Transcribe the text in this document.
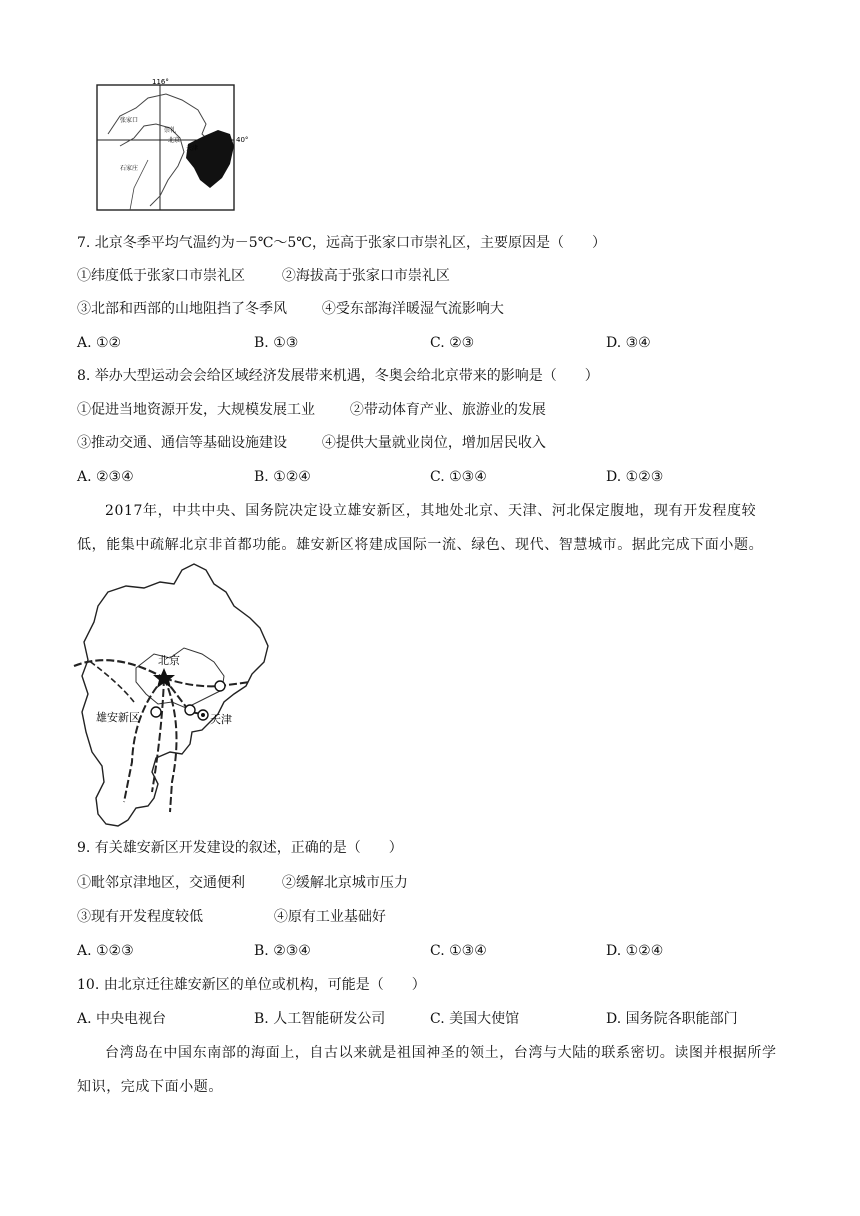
116°
40°
张家口
崇礼
北京
天津
石家庄
7. 北京冬季平均气温约为－5℃～5℃，远高于张家口市崇礼区，主要原因是（　　）
①纬度低于张家口市崇礼区	②海拔高于张家口市崇礼区
③北部和西部的山地阻挡了冬季风 ④受东部海洋暖湿气流影响大
A. ①②	B. ①③	C. ②③	D. ③④
8. 举办大型运动会会给区域经济发展带来机遇，冬奥会给北京带来的影响是（　　）
①促进当地资源开发，大规模发展工业 ②带动体育产业、旅游业的发展
③推动交通、通信等基础设施建设 ④提供大量就业岗位，增加居民收入
A. ②③④	B. ①②④	C. ①③④	D. ①②③

2017年，中共中央、国务院决定设立雄安新区，其地处北京、天津、河北保定腹地，现有开发程度较低，能集中疏解北京非首都功能。雄安新区将建成国际一流、绿色、现代、智慧城市。据此完成下面小题。

北京
雄安新区	天津
9. 有关雄安新区开发建设的叙述，正确的是（　　）
①毗邻京津地区，交通便利	②缓解北京城市压力
③现有开发程度较低	④原有工业基础好
A. ①②③	B. ②③④	C. ①③④	D. ①②④
10. 由北京迁往雄安新区的单位或机构，可能是（　　）
A. 中央电视台	B. 人工智能研发公司	C. 美国大使馆	D. 国务院各职能部门

台湾岛在中国东南部的海面上，自古以来就是祖国神圣的领土，台湾与大陆的联系密切。读图并根据所学知识，完成下面小题。
